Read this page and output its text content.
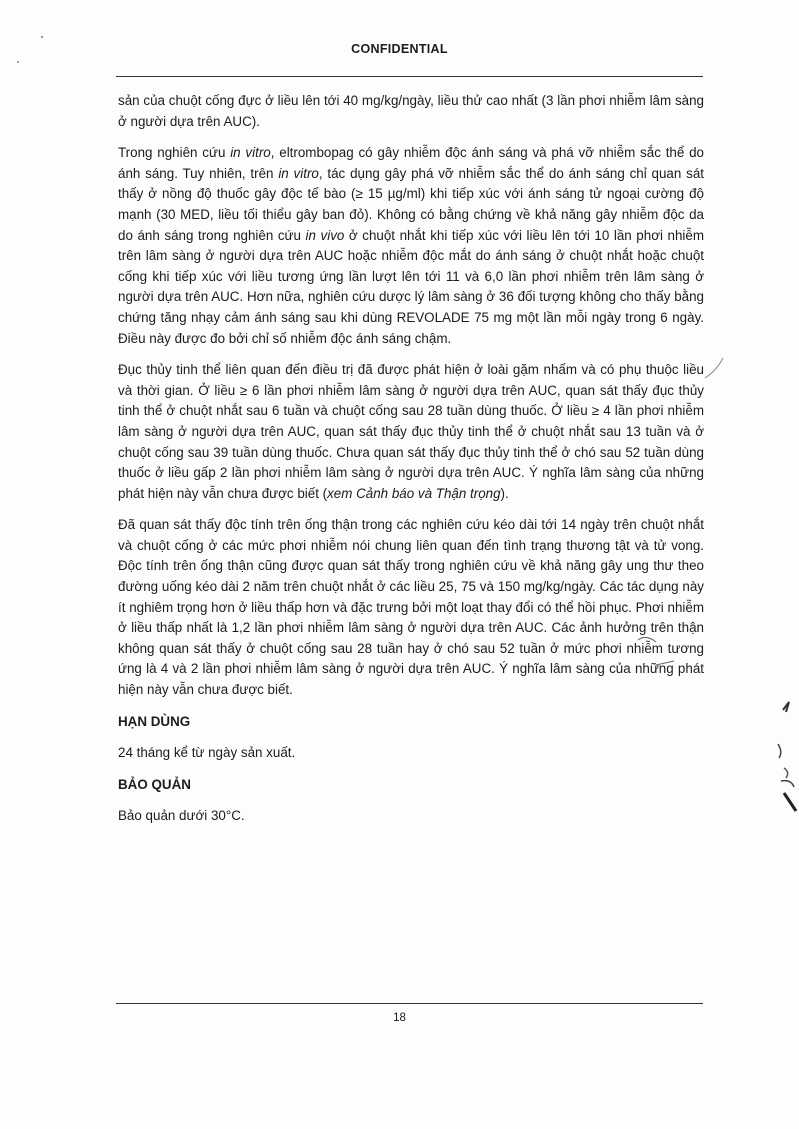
CONFIDENTIAL

sản của chuột cống đực ở liều lên tới 40 mg/kg/ngày, liều thử cao nhất (3 lần phơi nhiễm lâm sàng ở người dựa trên AUC).

Trong nghiên cứu in vitro, eltrombopag có gây nhiễm độc ánh sáng và phá vỡ nhiễm sắc thể do ánh sáng. Tuy nhiên, trên in vitro, tác dụng gây phá vỡ nhiễm sắc thể do ánh sáng chỉ quan sát thấy ở nồng độ thuốc gây độc tế bào (≥ 15 µg/ml) khi tiếp xúc với ánh sáng tử ngoại cường độ mạnh (30 MED, liều tối thiểu gây ban đỏ). Không có bằng chứng về khả năng gây nhiễm độc da do ánh sáng trong nghiên cứu in vivo ở chuột nhắt khi tiếp xúc với liều lên tới 10 lần phơi nhiễm trên lâm sàng ở người dựa trên AUC hoặc nhiễm độc mắt do ánh sáng ở chuột nhắt hoặc chuột cống khi tiếp xúc với liều tương ứng lần lượt lên tới 11 và 6,0 lần phơi nhiễm trên lâm sàng ở người dựa trên AUC. Hơn nữa, nghiên cứu dược lý lâm sàng ở 36 đối tượng không cho thấy bằng chứng tăng nhạy cảm ánh sáng sau khi dùng REVOLADE 75 mg một lần mỗi ngày trong 6 ngày. Điều này được đo bởi chỉ số nhiễm độc ánh sáng chậm.

Đục thủy tinh thể liên quan đến điều trị đã được phát hiện ở loài gặm nhấm và có phụ thuộc liều và thời gian. Ở liều ≥ 6 lần phơi nhiễm lâm sàng ở người dựa trên AUC, quan sát thấy đục thủy tinh thể ở chuột nhắt sau 6 tuần và chuột cống sau 28 tuần dùng thuốc. Ở liều ≥ 4 lần phơi nhiễm lâm sàng ở người dựa trên AUC, quan sát thấy đục thủy tinh thể ở chuột nhắt sau 13 tuần và ở chuột cống sau 39 tuần dùng thuốc. Chưa quan sát thấy đục thủy tinh thể ở chó sau 52 tuần dùng thuốc ở liều gấp 2 lần phơi nhiễm lâm sàng ở người dựa trên AUC. Ý nghĩa lâm sàng của những phát hiện này vẫn chưa được biết (xem Cảnh báo và Thận trọng).

Đã quan sát thấy độc tính trên ống thận trong các nghiên cứu kéo dài tới 14 ngày trên chuột nhắt và chuột cống ở các mức phơi nhiễm nói chung liên quan đến tình trạng thương tật và tử vong. Độc tính trên ống thận cũng được quan sát thấy trong nghiên cứu về khả năng gây ung thư theo đường uống kéo dài 2 năm trên chuột nhắt ở các liều 25, 75 và 150 mg/kg/ngày. Các tác dụng này ít nghiêm trọng hơn ở liều thấp hơn và đặc trưng bởi một loạt thay đổi có thể hồi phục. Phơi nhiễm ở liều thấp nhất là 1,2 lần phơi nhiễm lâm sàng ở người dựa trên AUC. Các ảnh hưởng trên thận không quan sát thấy ở chuột cống sau 28 tuần hay ở chó sau 52 tuần ở mức phơi nhiễm tương ứng là 4 và 2 lần phơi nhiễm lâm sàng ở người dựa trên AUC. Ý nghĩa lâm sàng của những phát hiện này vẫn chưa được biết.

HẠN DÙNG

24 tháng kể từ ngày sản xuất.

BẢO QUẢN

Bảo quản dưới 30°C.

18
